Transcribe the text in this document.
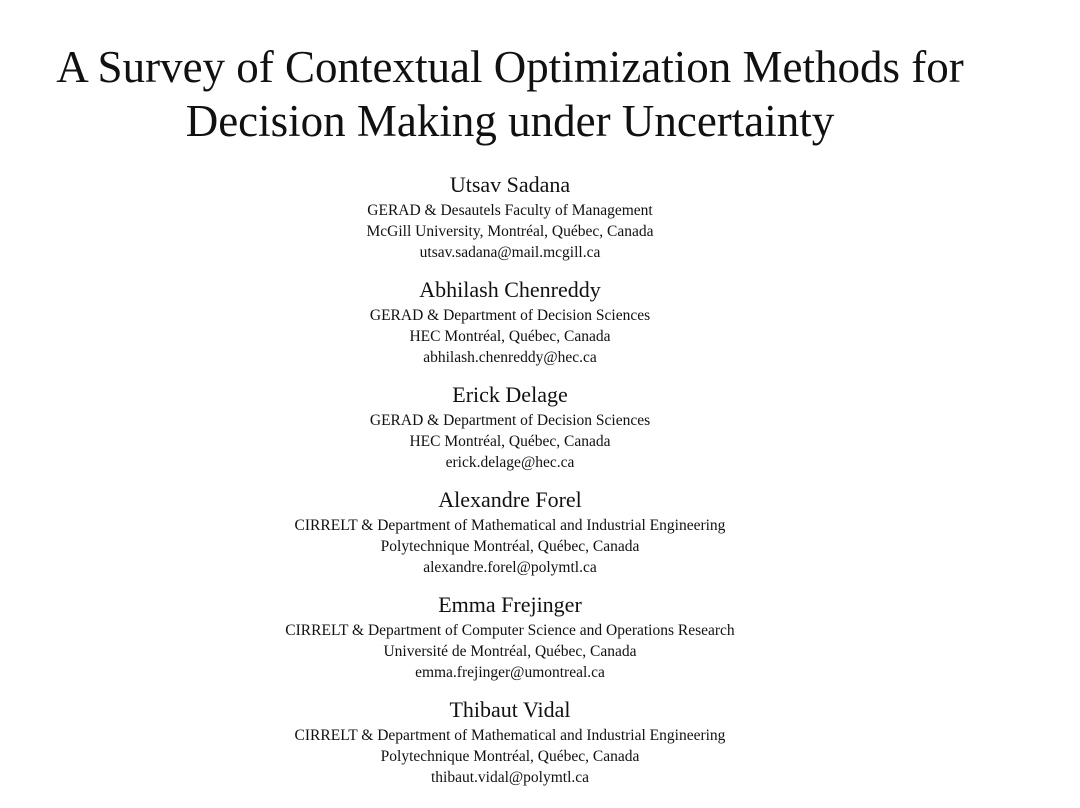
A Survey of Contextual Optimization Methods for
Decision Making under Uncertainty
Utsav Sadana
GERAD & Desautels Faculty of Management
McGill University, Montréal, Québec, Canada
utsav.sadana@mail.mcgill.ca
Abhilash Chenreddy
GERAD & Department of Decision Sciences
HEC Montréal, Québec, Canada
abhilash.chenreddy@hec.ca
Erick Delage
GERAD & Department of Decision Sciences
HEC Montréal, Québec, Canada
erick.delage@hec.ca
Alexandre Forel
CIRRELT & Department of Mathematical and Industrial Engineering
Polytechnique Montréal, Québec, Canada
alexandre.forel@polymtl.ca
Emma Frejinger
CIRRELT & Department of Computer Science and Operations Research
Université de Montréal, Québec, Canada
emma.frejinger@umontreal.ca
Thibaut Vidal
CIRRELT & Department of Mathematical and Industrial Engineering
Polytechnique Montréal, Québec, Canada
thibaut.vidal@polymtl.ca
